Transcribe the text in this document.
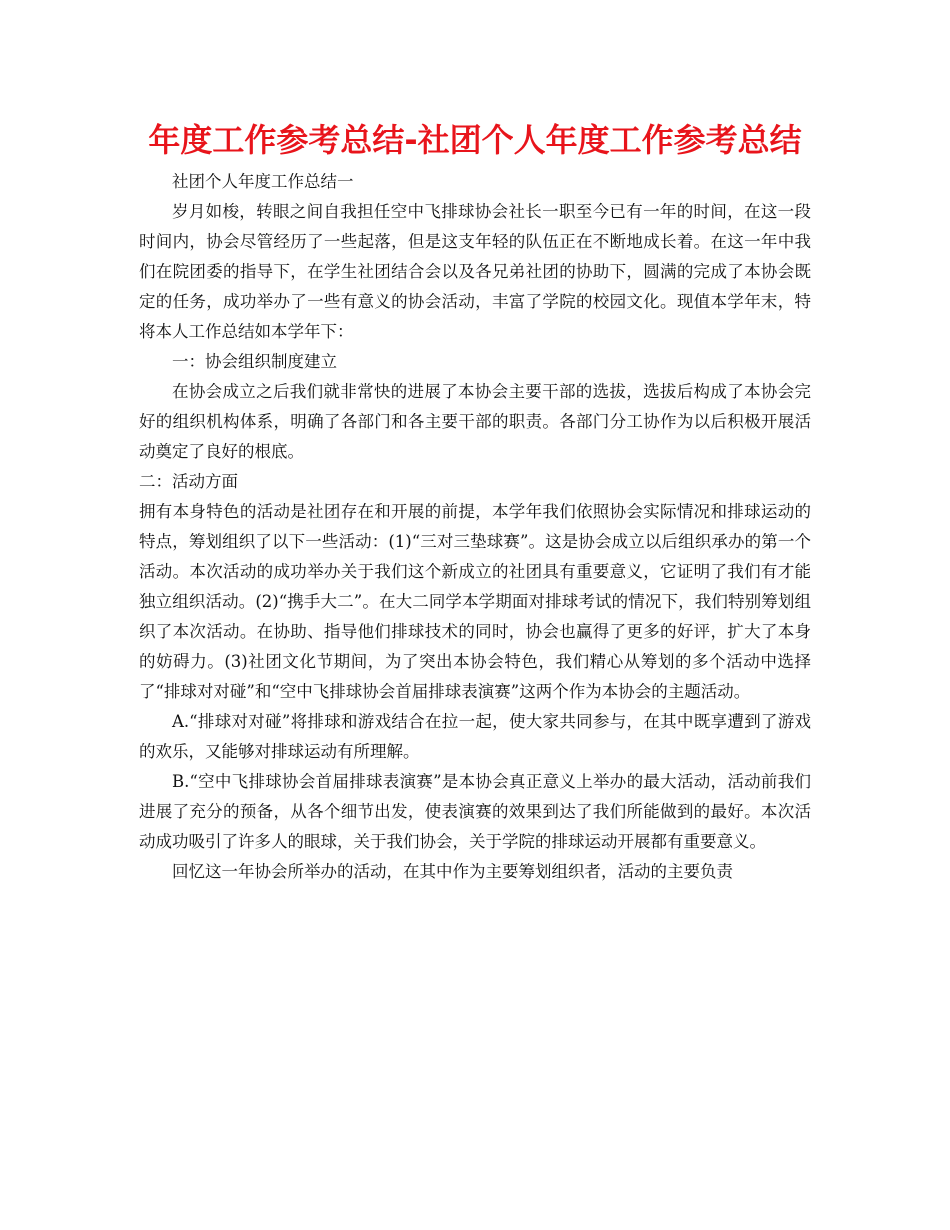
年度工作参考总结-社团个人年度工作参考总结

社团个人年度工作总结一

岁月如梭，转眼之间自我担任空中飞排球协会社长一职至今已有一年的时间，在这一段时间内，协会尽管经历了一些起落，但是这支年轻的队伍正在不断地成长着。在这一年中我们在院团委的指导下，在学生社团结合会以及各兄弟社团的协助下，圆满的完成了本协会既定的任务，成功举办了一些有意义的协会活动，丰富了学院的校园文化。现值本学年末，特将本人工作总结如本学年下：

一：协会组织制度建立

在协会成立之后我们就非常快的进展了本协会主要干部的选拔，选拔后构成了本协会完好的组织机构体系，明确了各部门和各主要干部的职责。各部门分工协作为以后积极开展活动奠定了良好的根底。

二：活动方面

拥有本身特色的活动是社团存在和开展的前提，本学年我们依照协会实际情况和排球运动的特点，筹划组织了以下一些活动：(1)“三对三垫球赛”。这是协会成立以后组织承办的第一个活动。本次活动的成功举办关于我们这个新成立的社团具有重要意义，它证明了我们有才能独立组织活动。(2)“携手大二”。在大二同学本学期面对排球考试的情况下，我们特别筹划组织了本次活动。在协助、指导他们排球技术的同时，协会也赢得了更多的好评，扩大了本身的妨碍力。(3)社团文化节期间，为了突出本协会特色，我们精心从筹划的多个活动中选择了“排球对对碰”和“空中飞排球协会首届排球表演赛”这两个作为本协会的主题活动。

A.“排球对对碰”将排球和游戏结合在拉一起，使大家共同参与，在其中既享遭到了游戏的欢乐，又能够对排球运动有所理解。

B.“空中飞排球协会首届排球表演赛”是本协会真正意义上举办的最大活动，活动前我们进展了充分的预备，从各个细节出发，使表演赛的效果到达了我们所能做到的最好。本次活动成功吸引了许多人的眼球，关于我们协会，关于学院的排球运动开展都有重要意义。

回忆这一年协会所举办的活动，在其中作为主要筹划组织者，活动的主要负责
